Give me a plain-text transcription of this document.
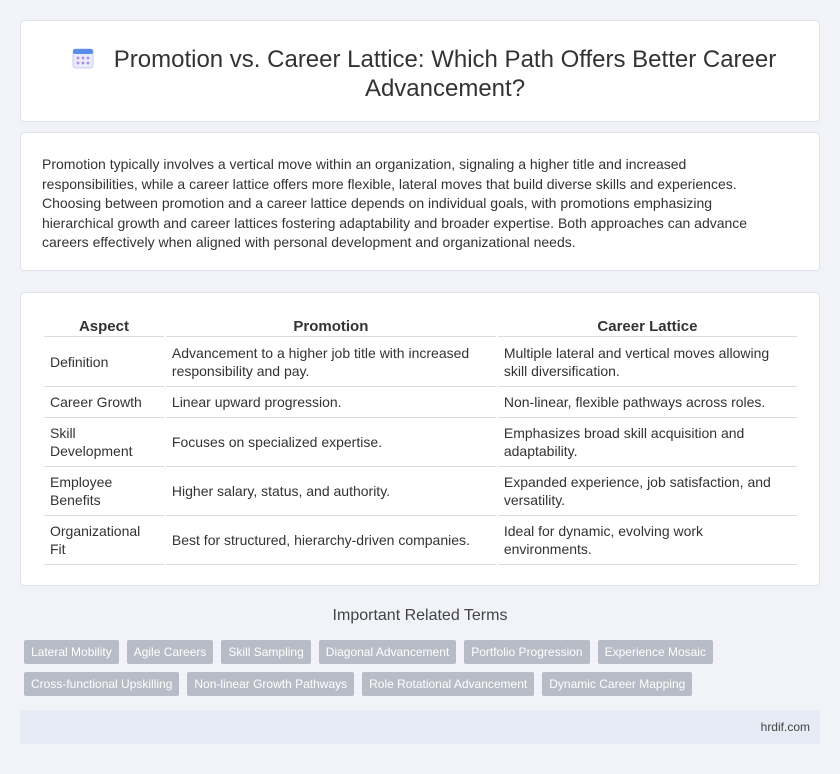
Promotion vs. Career Lattice: Which Path Offers Better Career Advancement?

Promotion typically involves a vertical move within an organization, signaling a higher title and increased responsibilities, while a career lattice offers more flexible, lateral moves that build diverse skills and experiences. Choosing between promotion and a career lattice depends on individual goals, with promotions emphasizing hierarchical growth and career lattices fostering adaptability and broader expertise. Both approaches can advance careers effectively when aligned with personal development and organizational needs.

Aspect	Promotion	Career Lattice
Definition	Advancement to a higher job title with increased responsibility and pay.	Multiple lateral and vertical moves allowing skill diversification.
Career Growth	Linear upward progression.	Non-linear, flexible pathways across roles.
Skill Development	Focuses on specialized expertise.	Emphasizes broad skill acquisition and adaptability.
Employee Benefits	Higher salary, status, and authority.	Expanded experience, job satisfaction, and versatility.
Organizational Fit	Best for structured, hierarchy-driven companies.	Ideal for dynamic, evolving work environments.
Important Related Terms
Lateral Mobility	Agile Careers	Skill Sampling	Diagonal Advancement	Portfolio Progression	Experience Mosaic
Cross-functional Upskilling	Non-linear Growth Pathways	Role Rotational Advancement	Dynamic Career Mapping
hrdif.com
